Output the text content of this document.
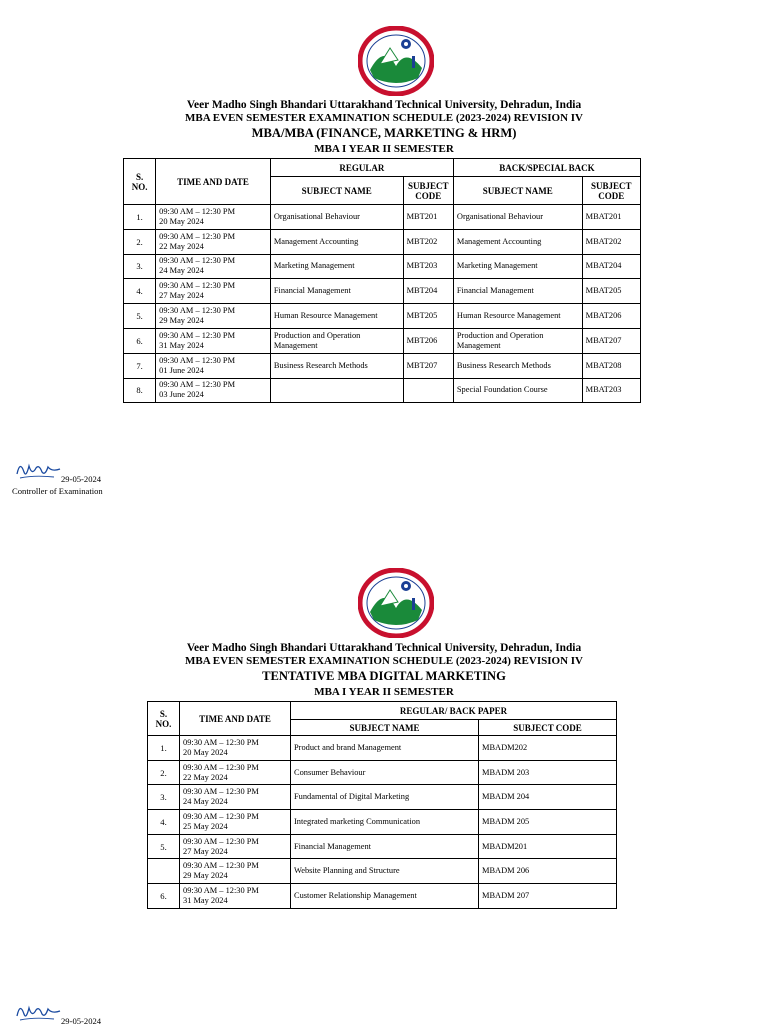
Veer Madho Singh Bhandari Uttarakhand Technical University, Dehradun, India
MBA EVEN SEMESTER EXAMINATION SCHEDULE (2023-2024) REVISION IV
MBA/MBA (FINANCE, MARKETING & HRM)
MBA I YEAR II SEMESTER
S. NO.	TIME AND DATE	REGULAR		BACK/SPECIAL BACK	
		SUBJECT NAME	SUBJECT CODE	SUBJECT NAME	SUBJECT CODE
1.	09:30 AM – 12:30 PM
20 May 2024	Organisational Behaviour	MBT201	Organisational Behaviour	MBAT201
2.	09:30 AM – 12:30 PM
22 May 2024	Management Accounting	MBT202	Management Accounting	MBAT202
3.	09:30 AM – 12:30 PM
24 May 2024	Marketing Management	MBT203	Marketing Management	MBAT204
4.	09:30 AM – 12:30 PM
27 May 2024	Financial Management	MBT204	Financial Management	MBAT205
5.	09:30 AM – 12:30 PM
29 May 2024	Human Resource Management	MBT205	Human Resource Management	MBAT206
6.	09:30 AM – 12:30 PM
31 May 2024	Production and Operation Management	MBT206	Production and Operation Management	MBAT207
7.	09:30 AM – 12:30 PM
01 June 2024	Business Research Methods	MBT207	Business Research Methods	MBAT208
8.	09:30 AM – 12:30 PM
03 June 2024			Special Foundation Course	MBAT203
29-05-2024
Controller of Examination
Veer Madho Singh Bhandari Uttarakhand Technical University, Dehradun, India
MBA EVEN SEMESTER EXAMINATION SCHEDULE (2023-2024) REVISION IV
TENTATIVE MBA DIGITAL MARKETING
MBA I YEAR II SEMESTER
S. NO.	TIME AND DATE	REGULAR/ BACK PAPER	
		SUBJECT NAME	SUBJECT CODE
1.	09:30 AM – 12:30 PM
20 May 2024	Product and brand Management	MBADM202
2.	09:30 AM – 12:30 PM
22 May 2024	Consumer Behaviour	MBADM 203
3.	09:30 AM – 12:30 PM
24 May 2024	Fundamental of Digital Marketing	MBADM 204
4.	09:30 AM – 12:30 PM
25 May 2024	Integrated marketing Communication	MBADM 205
5.	09:30 AM – 12:30 PM
27 May 2024	Financial Management	MBADM201

	09:30 AM – 12:30 PM
29 May 2024	Website Planning and Structure	MBADM 206
6.	09:30 AM – 12:30 PM
31 May 2024	Customer Relationship Management	MBADM 207
29-05-2024
